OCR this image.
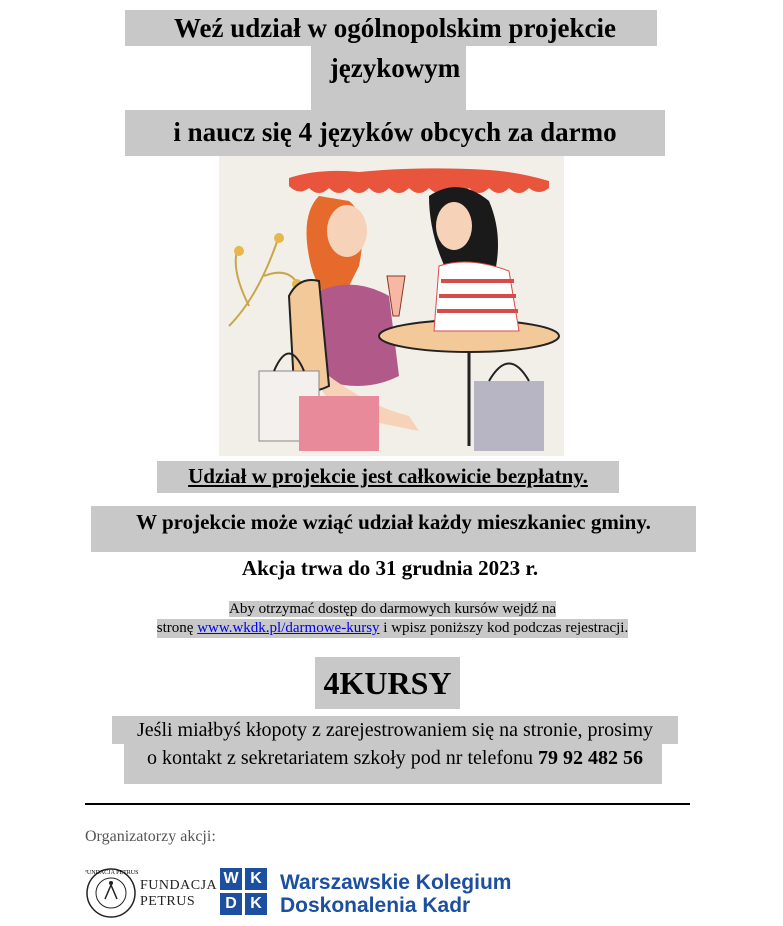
Weź udział w ogólnopolskim projekcie
językowym
i naucz się 4 języków obcych za darmo
Udział w projekcie jest całkowicie bezpłatny.
W projekcie może wziąć udział każdy mieszkaniec gminy.
Akcja trwa do 31 grudnia 2023 r.
Aby otrzymać dostęp do darmowych kursów wejdź na
stronę www.wkdk.pl/darmowe-kursy i wpisz poniższy kod podczas rejestracji.
4KURSY
Jeśli miałbyś kłopoty z zarejestrowaniem się na stronie, prosimy
o kontakt z sekretariatem szkoły pod nr telefonu 79 92 482 56
Organizatorzy akcji:
FUNDACJA PETRUS
FUNDACJA
PETRUS
W K
D K
Warszawskie Kolegium
Doskonalenia Kadr
